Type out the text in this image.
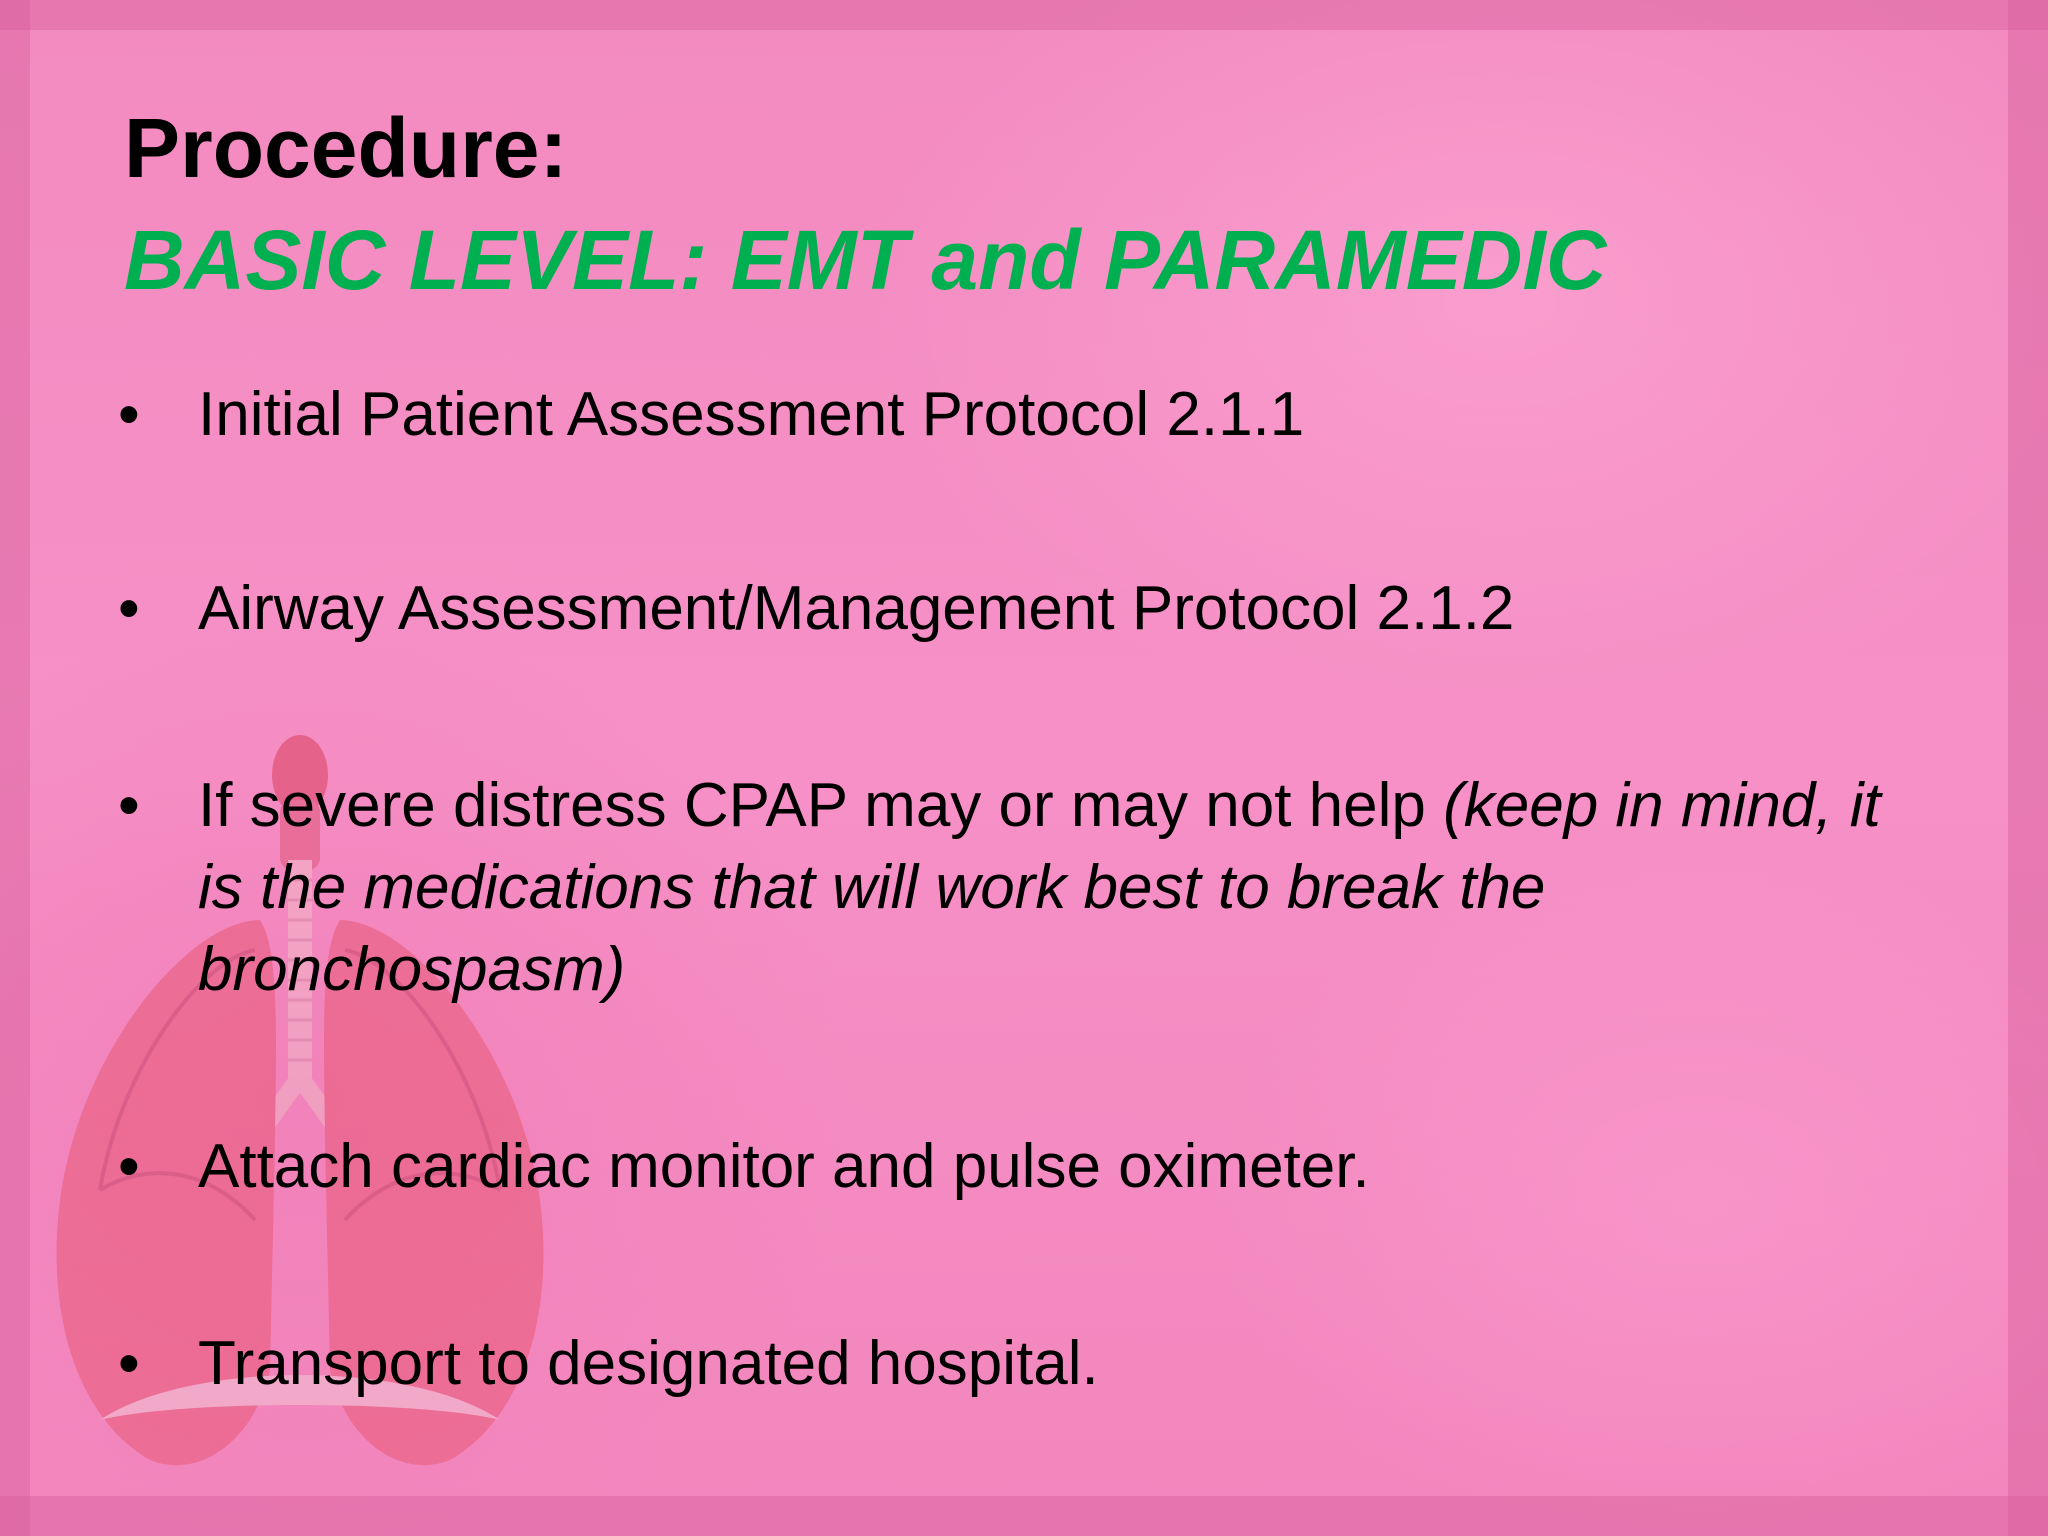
Procedure:
BASIC LEVEL: EMT and PARAMEDIC
• Initial Patient Assessment Protocol 2.1.1
• Airway Assessment/Management Protocol 2.1.2
• If severe distress CPAP may or may not help (keep in mind, it is the medications that will work best to break the bronchospasm)
• Attach cardiac monitor and pulse oximeter.
• Transport to designated hospital.
